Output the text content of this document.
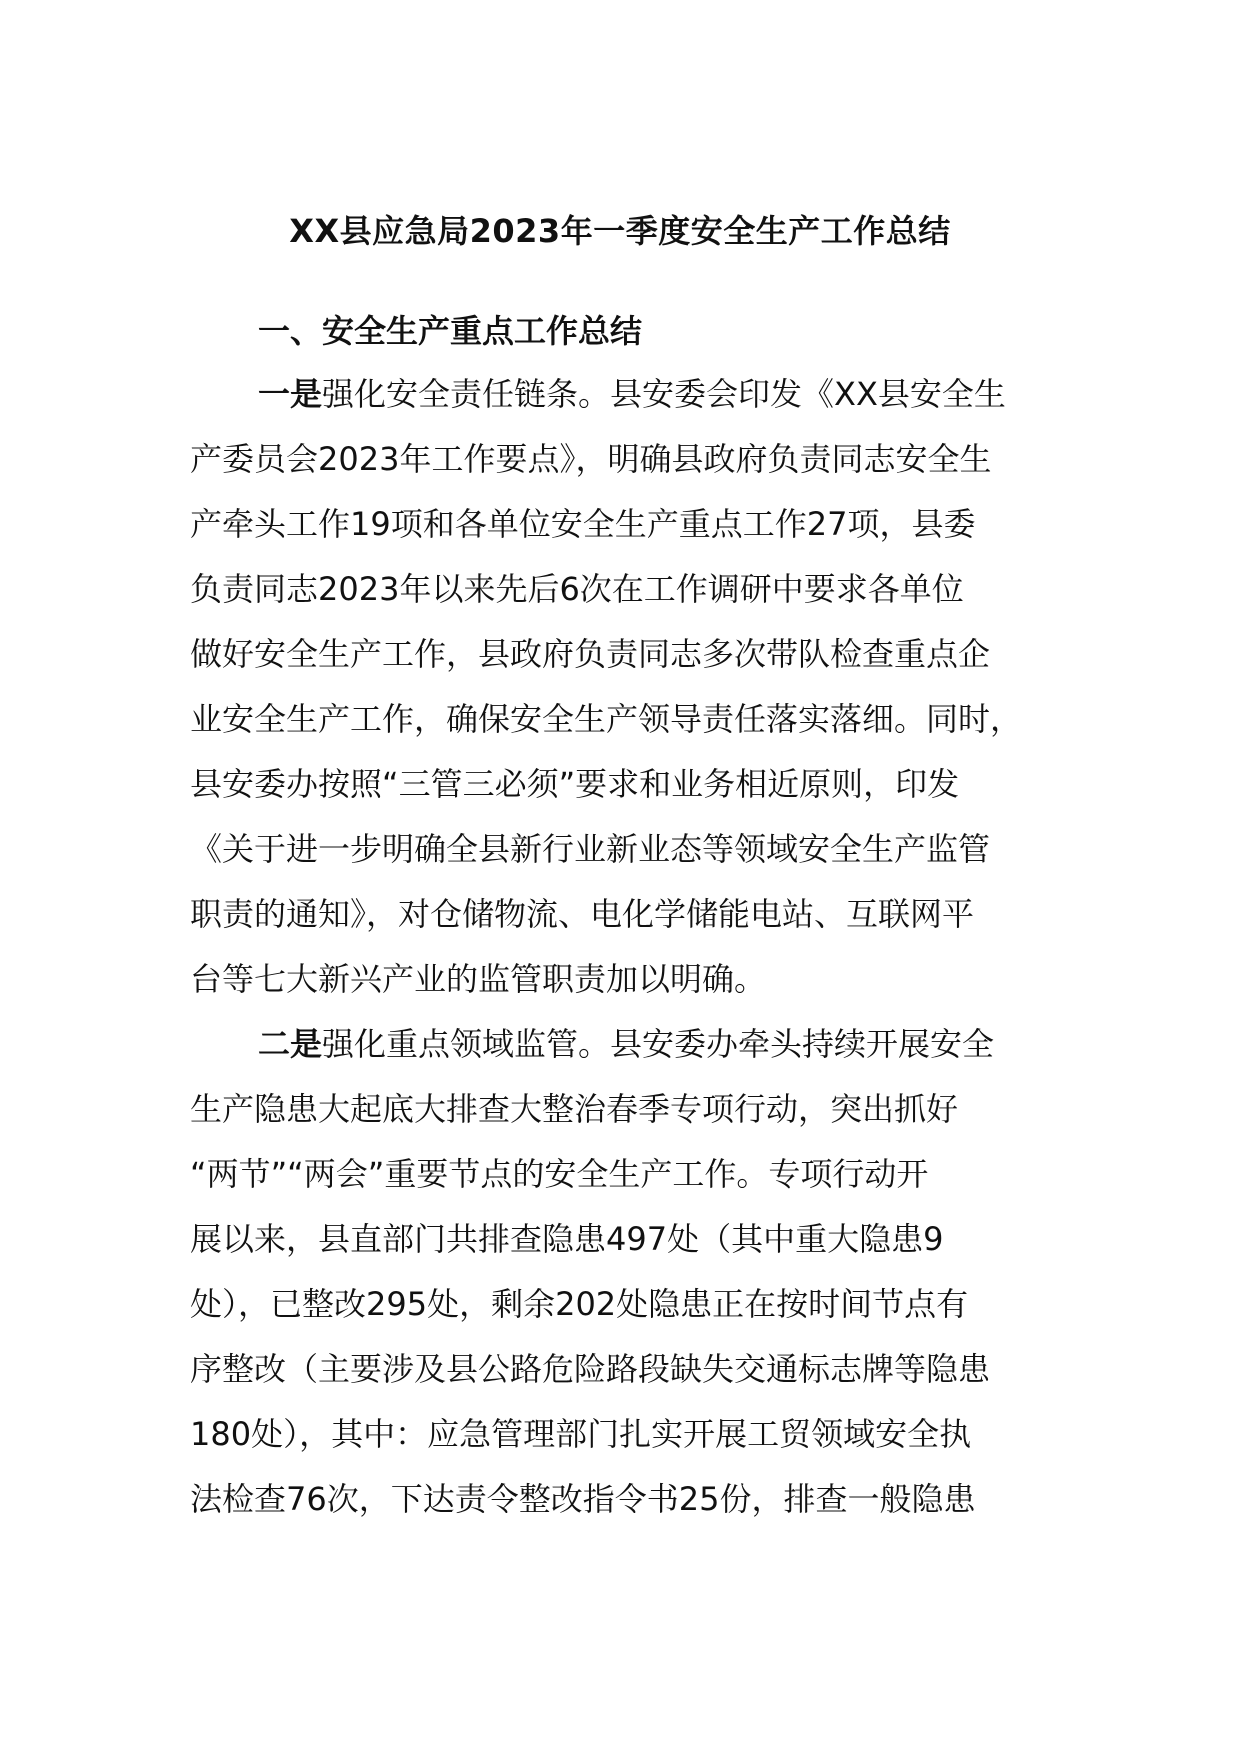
XX县应急局2023年一季度安全生产工作总结
一、安全生产重点工作总结
一是强化安全责任链条。县安委会印发《XX县安全生
产委员会2023年工作要点》，明确县政府负责同志安全生
产牵头工作19项和各单位安全生产重点工作27项，县委
负责同志2023年以来先后6次在工作调研中要求各单位
做好安全生产工作，县政府负责同志多次带队检查重点企
业安全生产工作，确保安全生产领导责任落实落细。同时，
县安委办按照“三管三必须”要求和业务相近原则，印发
《关于进一步明确全县新行业新业态等领域安全生产监管
职责的通知》，对仓储物流、电化学储能电站、互联网平
台等七大新兴产业的监管职责加以明确。
二是强化重点领域监管。县安委办牵头持续开展安全
生产隐患大起底大排查大整治春季专项行动，突出抓好
“两节”“两会”重要节点的安全生产工作。专项行动开
展以来，县直部门共排查隐患497处（其中重大隐患9
处），已整改295处，剩余202处隐患正在按时间节点有
序整改（主要涉及县公路危险路段缺失交通标志牌等隐患
180处），其中：应急管理部门扎实开展工贸领域安全执
法检查76次，下达责令整改指令书25份，排查一般隐患
